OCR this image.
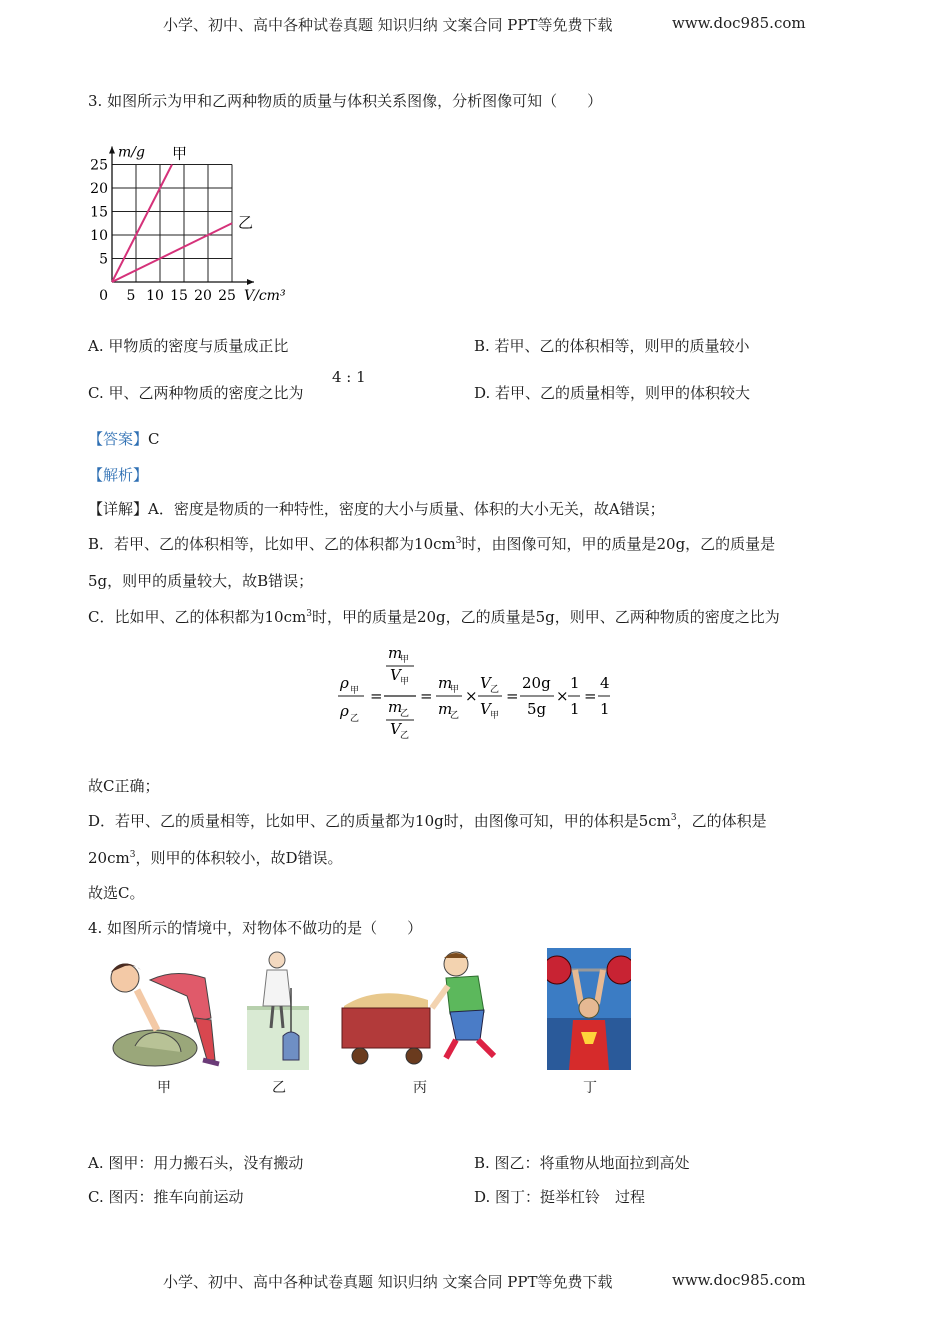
小学、初中、高中各种试卷真题 知识归纳 文案合同 PPT等免费下载	www.doc985.com
3. 如图所示为甲和乙两种物质的质量与体积关系图像，分析图像可知（　　）
甲
乙
0 5 10 15 20 25
5
10
15
20
25
m/g
V/cm³
A. 甲物质的密度与质量成正比	B. 若甲、乙的体积相等，则甲的质量较小
C. 甲、乙两种物质的密度之比为
4 : 1
D. 若甲、乙的质量相等，则甲的体积较大
【答案】C
【解析】
【详解】A．密度是物质的一种特性，密度的大小与质量、体积的大小无关，故A错误；
B．若甲、乙的体积相等，比如甲、乙的体积都为$10cm^3$时，由图像可知，甲的质量是20g，乙的质量是
5g，则甲的质量较大，故B错误；
C．比如甲、乙的体积都为$10cm^3$时，甲的质量是20g，乙的质量是5g，则甲、乙两种物质的密度之比为
ρ 甲
ρ 乙
=
m
甲
V 甲
m
乙
V 乙
=
m
甲
m
乙
×
V 乙
V 甲
=
20g
5g
×
1
1
=
4
1
故C正确；
D．若甲、乙的质量相等，比如甲、乙的质量都为10g时，由图像可知，甲的体积是$5cm^3$，乙的体积是
$20cm^3$，则甲的体积较小，故D错误。
故选C。
4. 如图所示的情境中，对物体不做功的是（　　）
甲	乙	丙	丁
A. 图甲：用力搬石头，没有搬动	B. 图乙：将重物从地面拉到高处
C. 图丙：推车向前运动	D. 图丁：挺举杠铃　过程
小学、初中、高中各种试卷真题 知识归纳 文案合同 PPT等免费下载	www.doc985.com
